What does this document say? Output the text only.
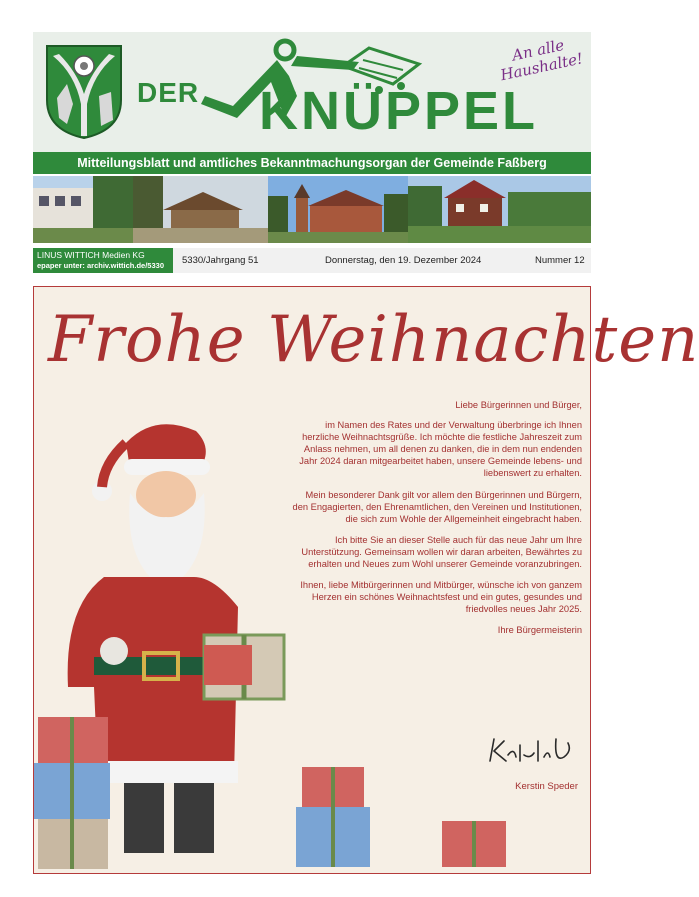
DER KNÜPPEL
An alle Haushalte!
Mitteilungsblatt und amtliches Bekanntmachungsorgan der Gemeinde Faßberg
LINUS WITTICH Medien KG
epaper unter: archiv.wittich.de/5330 5330/Jahrgang 51	Donnerstag, den 19. Dezember 2024	Nummer 12
Frohe Weihnachten

Liebe Bürgerinnen und Bürger,

im Namen des Rates und der Verwaltung überbringe ich Ihnen herzliche Weihnachtsgrüße. Ich möchte die festliche Jahreszeit zum Anlass nehmen, um all denen zu danken, die in dem nun endenden Jahr 2024 daran mitgearbeitet haben, unsere Gemeinde lebens- und liebenswert zu erhalten.

Mein besonderer Dank gilt vor allem den Bürgerinnen und Bürgern, den Engagierten, den Ehrenamtlichen, den Vereinen und Institutionen, die sich zum Wohle der Allgemeinheit eingebracht haben.

Ich bitte Sie an dieser Stelle auch für das neue Jahr um Ihre Unterstützung. Gemeinsam wollen wir daran arbeiten, Bewährtes zu erhalten und Neues zum Wohl unserer Gemeinde voranzubringen.

Ihnen, liebe Mitbürgerinnen und Mitbürger, wünsche ich von ganzem Herzen ein schönes Weihnachtsfest und ein gutes, gesundes und friedvolles neues Jahr 2025.

Ihre Bürgermeisterin

Kerstin Speder
